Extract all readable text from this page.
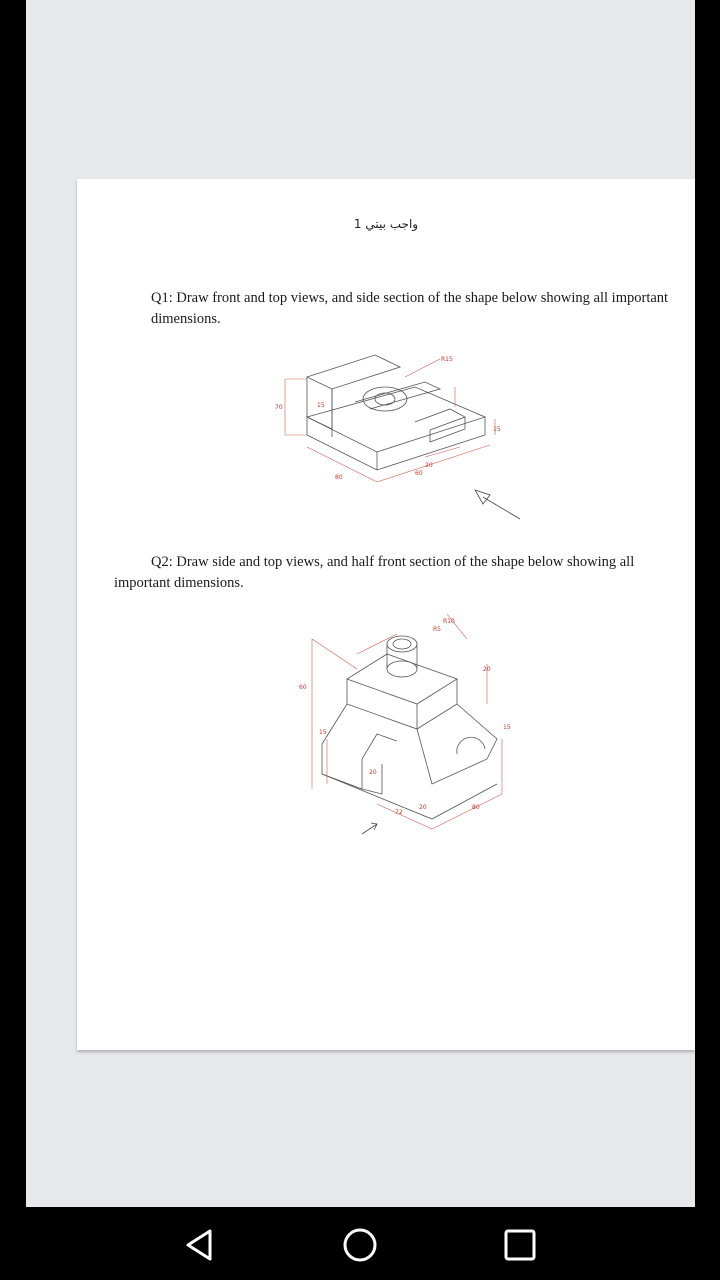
واجب بيتي 1
Q1: Draw front and top views, and side section of the shape below showing all important dimensions.
R15
70
80
20
60
15
15
Q2: Draw side and top views, and half front section of the shape below showing all important dimensions.
R10
R5
60
20
15
72
20	80
20
15
